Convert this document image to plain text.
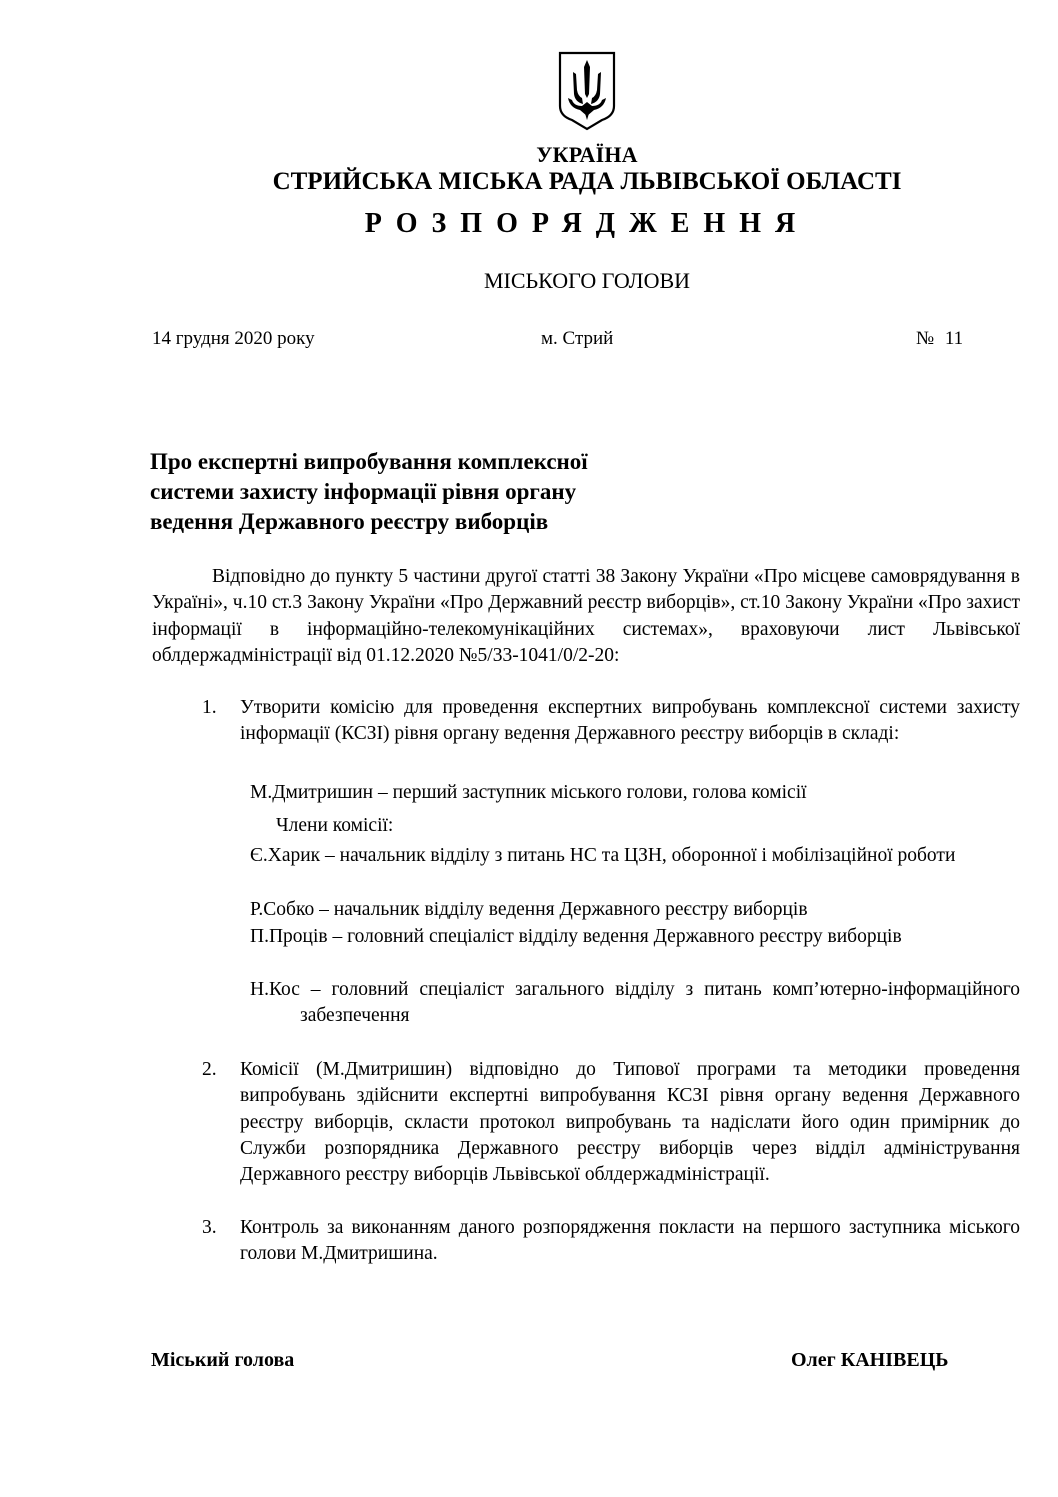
УКРАЇНА
СТРИЙСЬКА МІСЬКА РАДА ЛЬВІВСЬКОЇ ОБЛАСТІ
РОЗПОРЯДЖЕННЯ
МІСЬКОГО ГОЛОВИ
14 грудня 2020 року	м. Стрий	№ 11
Про експертні випробування комплексної
системи захисту інформації рівня органу
ведення Державного реєстру виборців
Відповідно до пункту 5 частини другої статті 38 Закону України «Про місцеве самоврядування в Україні», ч.10 ст.3 Закону України «Про Державний реєстр виборців», ст.10 Закону України «Про захист інформації в інформаційно-телекомунікаційних системах», враховуючи лист Львівської облдержадміністрації від 01.12.2020 №5/33-1041/0/2-20:
1. Утворити комісію для проведення експертних випробувань комплексної системи захисту інформації (КСЗІ) рівня органу ведення Державного реєстру виборців в складі:
М.Дмитришин – перший заступник міського голови, голова комісії
Члени комісії:
Є.Харик – начальник відділу з питань НС та ЦЗН, оборонної і мобілізаційної роботи
Р.Собко – начальник відділу ведення Державного реєстру виборців
П.Проців – головний спеціаліст відділу ведення Державного реєстру виборців
Н.Кос – головний спеціаліст загального відділу з питань комп’ютерно-інформаційного забезпечення
2. Комісії (М.Дмитришин) відповідно до Типової програми та методики проведення випробувань здійснити експертні випробування КСЗІ рівня органу ведення Державного реєстру виборців, скласти протокол випробувань та надіслати його один примірник до Служби розпорядника Державного реєстру виборців через відділ адміністрування Державного реєстру виборців Львівської облдержадміністрації.
3. Контроль за виконанням даного розпорядження покласти на першого заступника міського голови М.Дмитришина.
Міський голова	Олег КАНІВЕЦЬ
